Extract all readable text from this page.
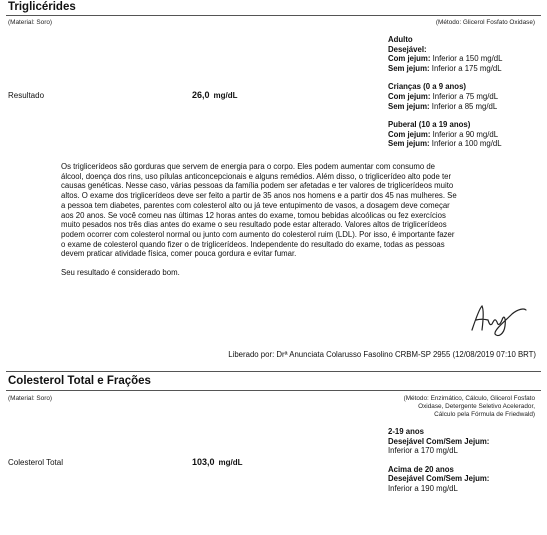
Triglicérides
(Material: Soro)	(Método: Glicerol Fosfato Oxidase)
Adulto
Desejável:
Com jejum: Inferior a 150 mg/dL
Sem jejum: Inferior a 175 mg/dL
Crianças (0 a 9 anos)
Com jejum: Inferior a 75 mg/dL
Sem jejum: Inferior a 85 mg/dL
Puberal (10 a 19 anos)
Com jejum: Inferior a 90 mg/dL
Sem jejum: Inferior a 100 mg/dL
Resultado	26,0 mg/dL
Os triglicerídeos são gorduras que servem de energia para o corpo. Eles podem aumentar com consumo de
álcool, doença dos rins, uso pílulas anticoncepcionais e alguns remédios. Além disso, o triglicerídeo alto pode ter
causas genéticas. Nesse caso, várias pessoas da família podem ser afetadas e ter valores de triglicerídeos muito
altos. O exame dos triglicerídeos deve ser feito a partir de 35 anos nos homens e a partir dos 45 nas mulheres. Se
a pessoa tem diabetes, parentes com colesterol alto ou já teve entupimento de vasos, a dosagem deve começar
aos 20 anos. Se você comeu nas últimas 12 horas antes do exame, tomou bebidas alcoólicas ou fez exercícios
muito pesados nos três dias antes do exame o seu resultado pode estar alterado. Valores altos de triglicerídeos
podem ocorrer com colesterol normal ou junto com aumento do colesterol ruim (LDL). Por isso, é importante fazer
o exame de colesterol quando fizer o de triglicerídeos. Independente do resultado do exame, todas as pessoas
devem praticar atividade física, comer pouca gordura e evitar fumar.
Seu resultado é considerado bom.
Liberado por: Drª Anunciata Colarusso Fasolino CRBM-SP 2955 (12/08/2019 07:10 BRT)
Colesterol Total e Frações
(Material: Soro)	(Método: Enzimático, Cálculo, Glicerol Fosfato
Oxidase, Detergente Seletivo Acelerador,
Cálculo pela Fórmula de Friedwald)
2-19 anos
Desejável Com/Sem Jejum:
Inferior a 170 mg/dL
Acima de 20 anos
Desejável Com/Sem Jejum:
Inferior a 190 mg/dL
Colesterol Total	103,0 mg/dL
